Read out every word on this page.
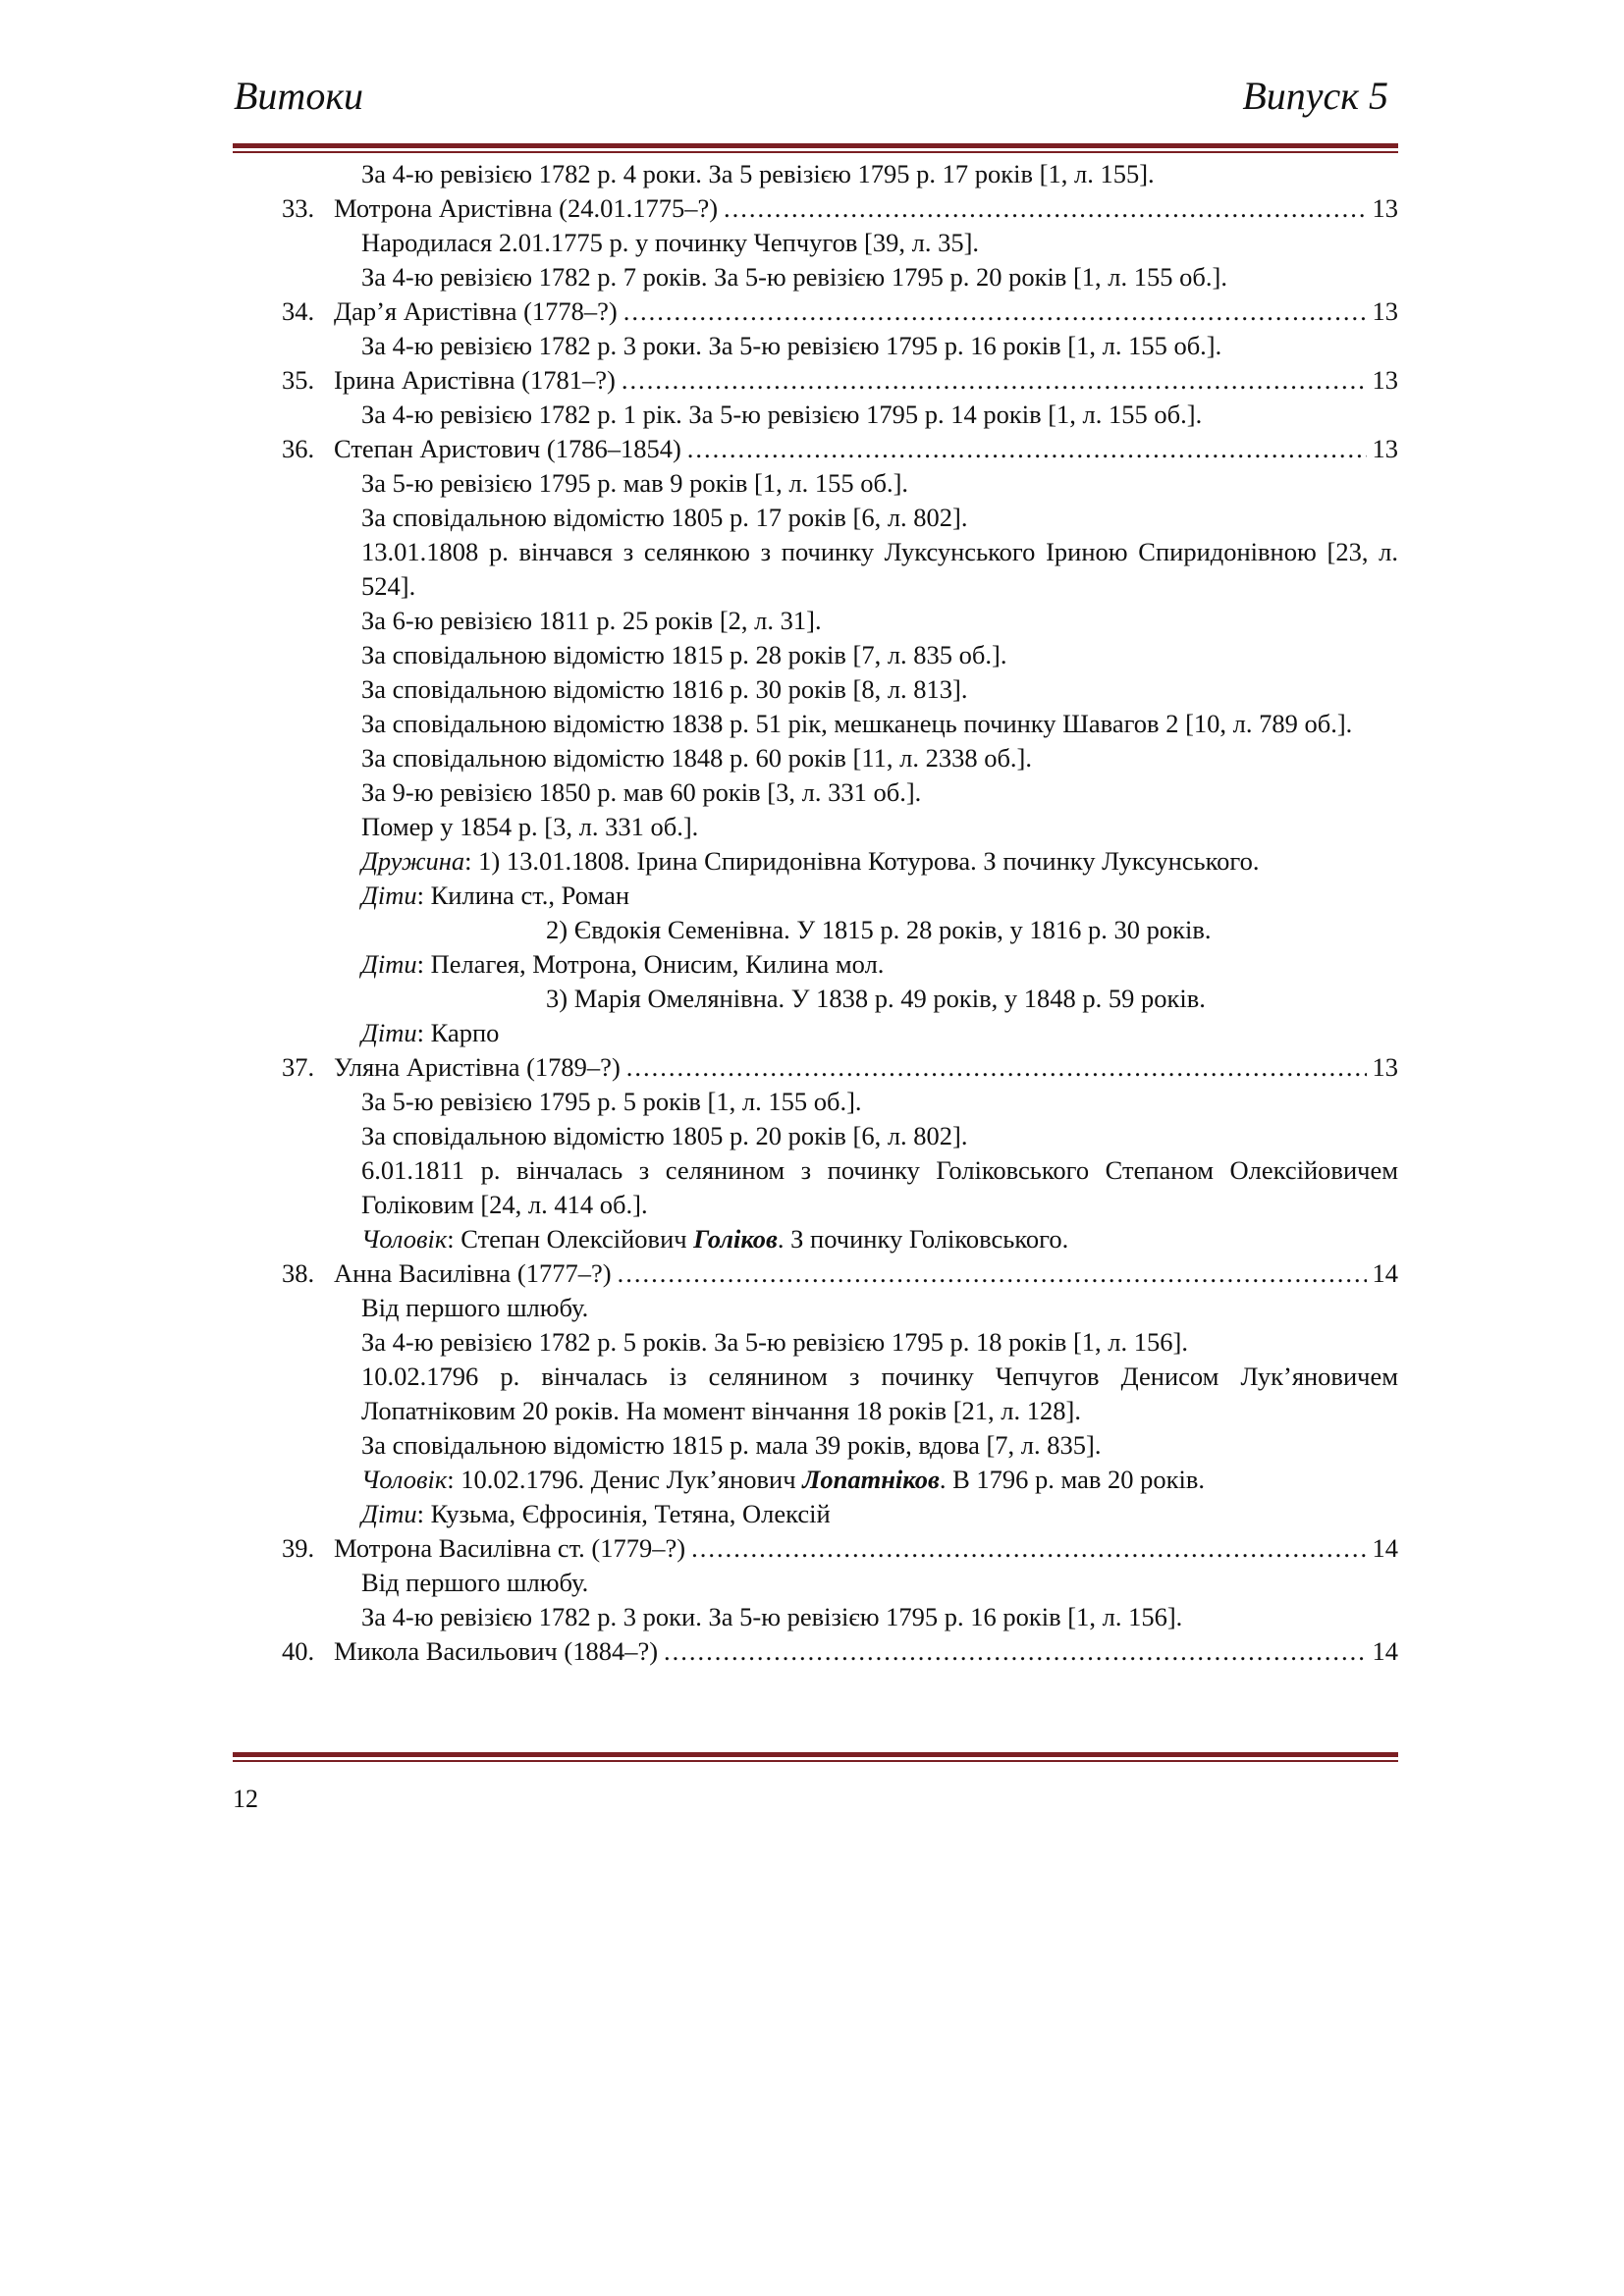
Витоки	Випуск 5
За 4-ю ревізією 1782 р. 4 роки. За 5 ревізією 1795 р. 17 років [1, л. 155].
33. Мотрона Аристівна (24.01.1775–?) .....	13
Народилася 2.01.1775 р. у починку Чепчугов [39, л. 35].
За 4-ю ревізією 1782 р. 7 років. За 5-ю ревізією 1795 р. 20 років [1, л. 155 об.].
34. Дар’я Аристівна (1778–?) .....	13
За 4-ю ревізією 1782 р. 3 роки. За 5-ю ревізією 1795 р. 16 років [1, л. 155 об.].
35. Ірина Аристівна (1781–?) .....	13
За 4-ю ревізією 1782 р. 1 рік. За 5-ю ревізією 1795 р. 14 років [1, л. 155 об.].
36. Степан Аристович (1786–1854) .....	13
За 5-ю ревізією 1795 р. мав 9 років [1, л. 155 об.].
За сповідальною відомістю 1805 р. 17 років [6, л. 802].
13.01.1808 р. вінчався з селянкою з починку Луксунського Іриною Спиридонівною [23, л. 524].
За 6-ю ревізією 1811 р. 25 років [2, л. 31].
За сповідальною відомістю 1815 р. 28 років [7, л. 835 об.].
За сповідальною відомістю 1816 р. 30 років [8, л. 813].
За сповідальною відомістю 1838 р. 51 рік, мешканець починку Шавагов 2 [10, л. 789 об.].
За сповідальною відомістю 1848 р. 60 років [11, л. 2338 об.].
За 9-ю ревізією 1850 р. мав 60 років [3, л. 331 об.].
Помер у 1854 р. [3, л. 331 об.].
Дружина: 1) 13.01.1808. Ірина Спиридонівна Котурова. З починку Луксунського.
Діти: Килина ст., Роман
2) Євдокія Семенівна. У 1815 р. 28 років, у 1816 р. 30 років.
Діти: Пелагея, Мотрона, Онисим, Килина мол.
3) Марія Омелянівна. У 1838 р. 49 років, у 1848 р. 59 років.
Діти: Карпо
37. Уляна Аристівна (1789–?) .....	13
За 5-ю ревізією 1795 р. 5 років [1, л. 155 об.].
За сповідальною відомістю 1805 р. 20 років [6, л. 802].
6.01.1811 р. вінчалась з селянином з починку Голіковського Степаном Олексійовичем Голіковим [24, л. 414 об.].
Чоловік: Степан Олексійович Голіков. З починку Голіковського.
38. Анна Василівна (1777–?) .....	14
Від першого шлюбу.
За 4-ю ревізією 1782 р. 5 років. За 5-ю ревізією 1795 р. 18 років [1, л. 156].
10.02.1796 р. вінчалась із селянином з починку Чепчугов Денисом Лук’яновичем Лопатніковим 20 років. На момент вінчання 18 років [21, л. 128].
За сповідальною відомістю 1815 р. мала 39 років, вдова [7, л. 835].
Чоловік: 10.02.1796. Денис Лук’янович Лопатніков. В 1796 р. мав 20 років.
Діти: Кузьма, Єфросинія, Тетяна, Олексій
39. Мотрона Василівна ст. (1779–?) .....	14
Від першого шлюбу.
За 4-ю ревізією 1782 р. 3 роки. За 5-ю ревізією 1795 р. 16 років [1, л. 156].
40. Микола Васильович (1884–?) .....	14
12
